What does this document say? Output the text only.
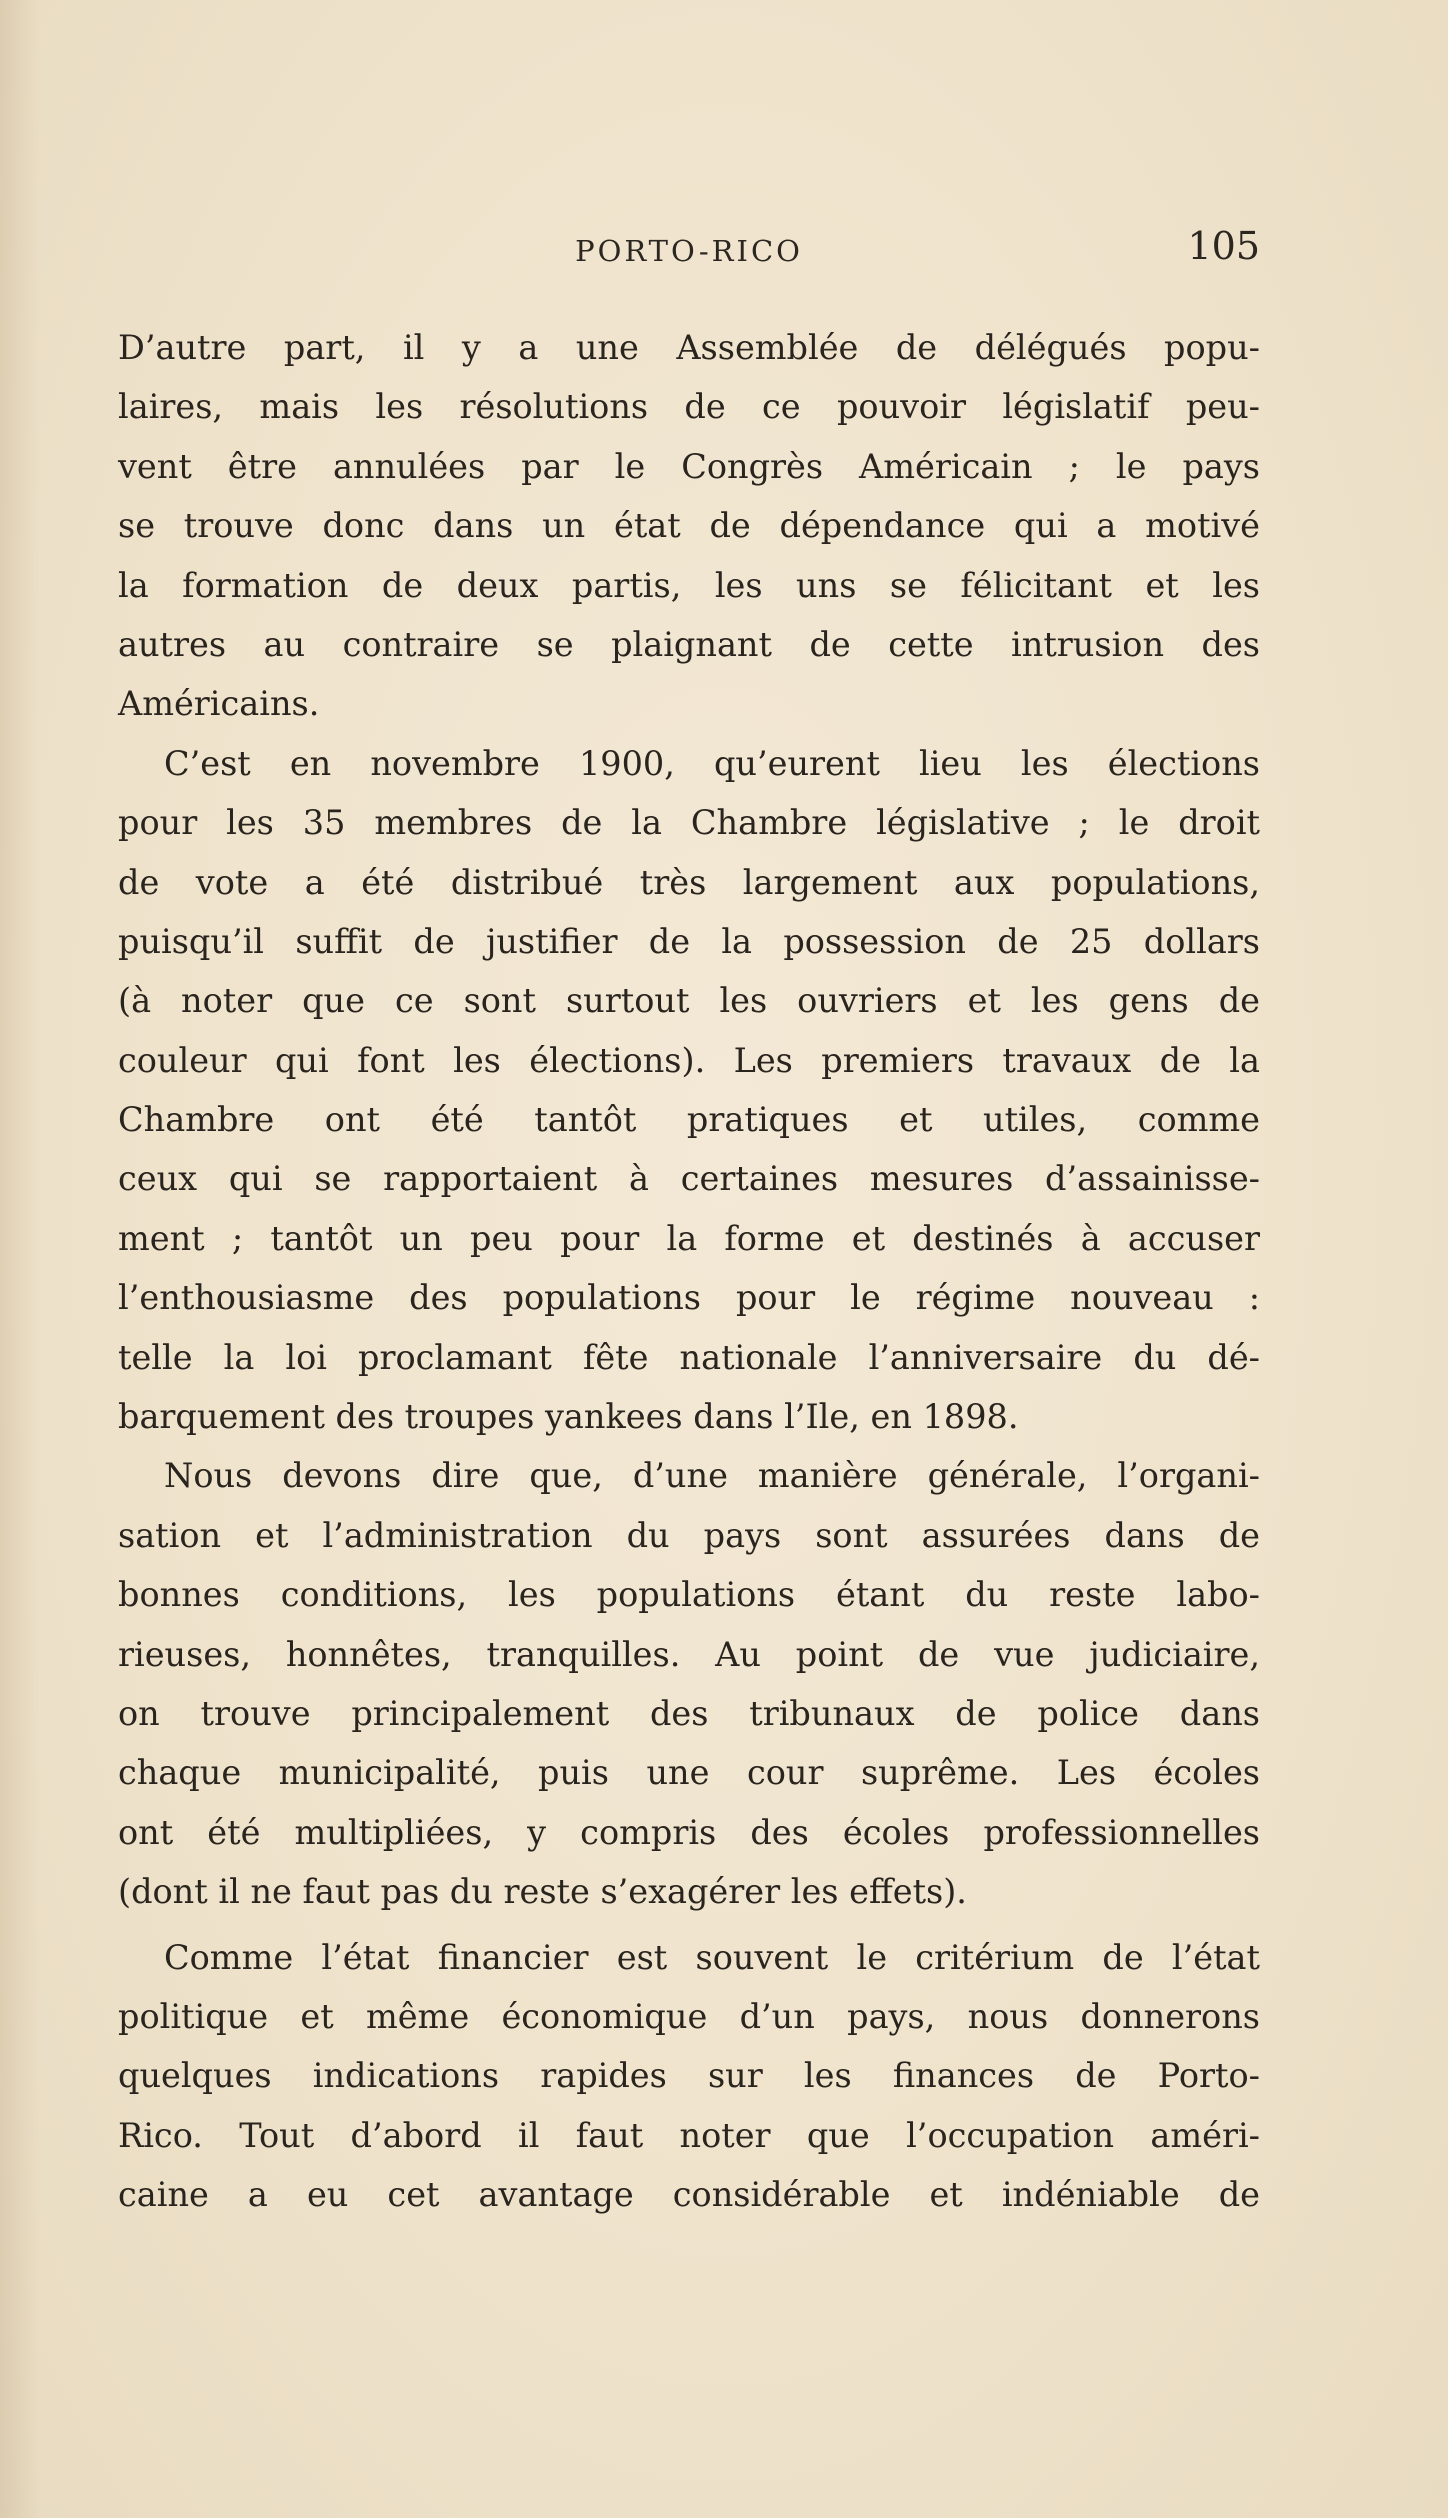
PORTO-RICO	105
D’autre part, il y a une Assemblée de délégués popu-
laires, mais les résolutions de ce pouvoir législatif peu-
vent être annulées par le Congrès Américain ; le pays
se trouve donc dans un état de dépendance qui a motivé
la formation de deux partis, les uns se félicitant et les
autres au contraire se plaignant de cette intrusion des
Américains.
C’est en novembre 1900, qu’eurent lieu les élections
pour les 35 membres de la Chambre législative ; le droit
de vote a été distribué très largement aux populations,
puisqu’il suffit de justifier de la possession de 25 dollars
(à noter que ce sont surtout les ouvriers et les gens de
couleur qui font les élections). Les premiers travaux de la
Chambre ont été tantôt pratiques et utiles, comme
ceux qui se rapportaient à certaines mesures d’assainisse-
ment ; tantôt un peu pour la forme et destinés à accuser
l’enthousiasme des populations pour le régime nouveau :
telle la loi proclamant fête nationale l’anniversaire du dé-
barquement des troupes yankees dans l’Ile, en 1898.
Nous devons dire que, d’une manière générale, l’organi-
sation et l’administration du pays sont assurées dans de
bonnes conditions, les populations étant du reste labo-
rieuses, honnêtes, tranquilles. Au point de vue judiciaire,
on trouve principalement des tribunaux de police dans
chaque municipalité, puis une cour suprême. Les écoles
ont été multipliées, y compris des écoles professionnelles
(dont il ne faut pas du reste s’exagérer les effets).
Comme l’état financier est souvent le critérium de l’état
politique et même économique d’un pays, nous donnerons
quelques indications rapides sur les finances de Porto-
Rico. Tout d’abord il faut noter que l’occupation améri-
caine a eu cet avantage considérable et indéniable de
